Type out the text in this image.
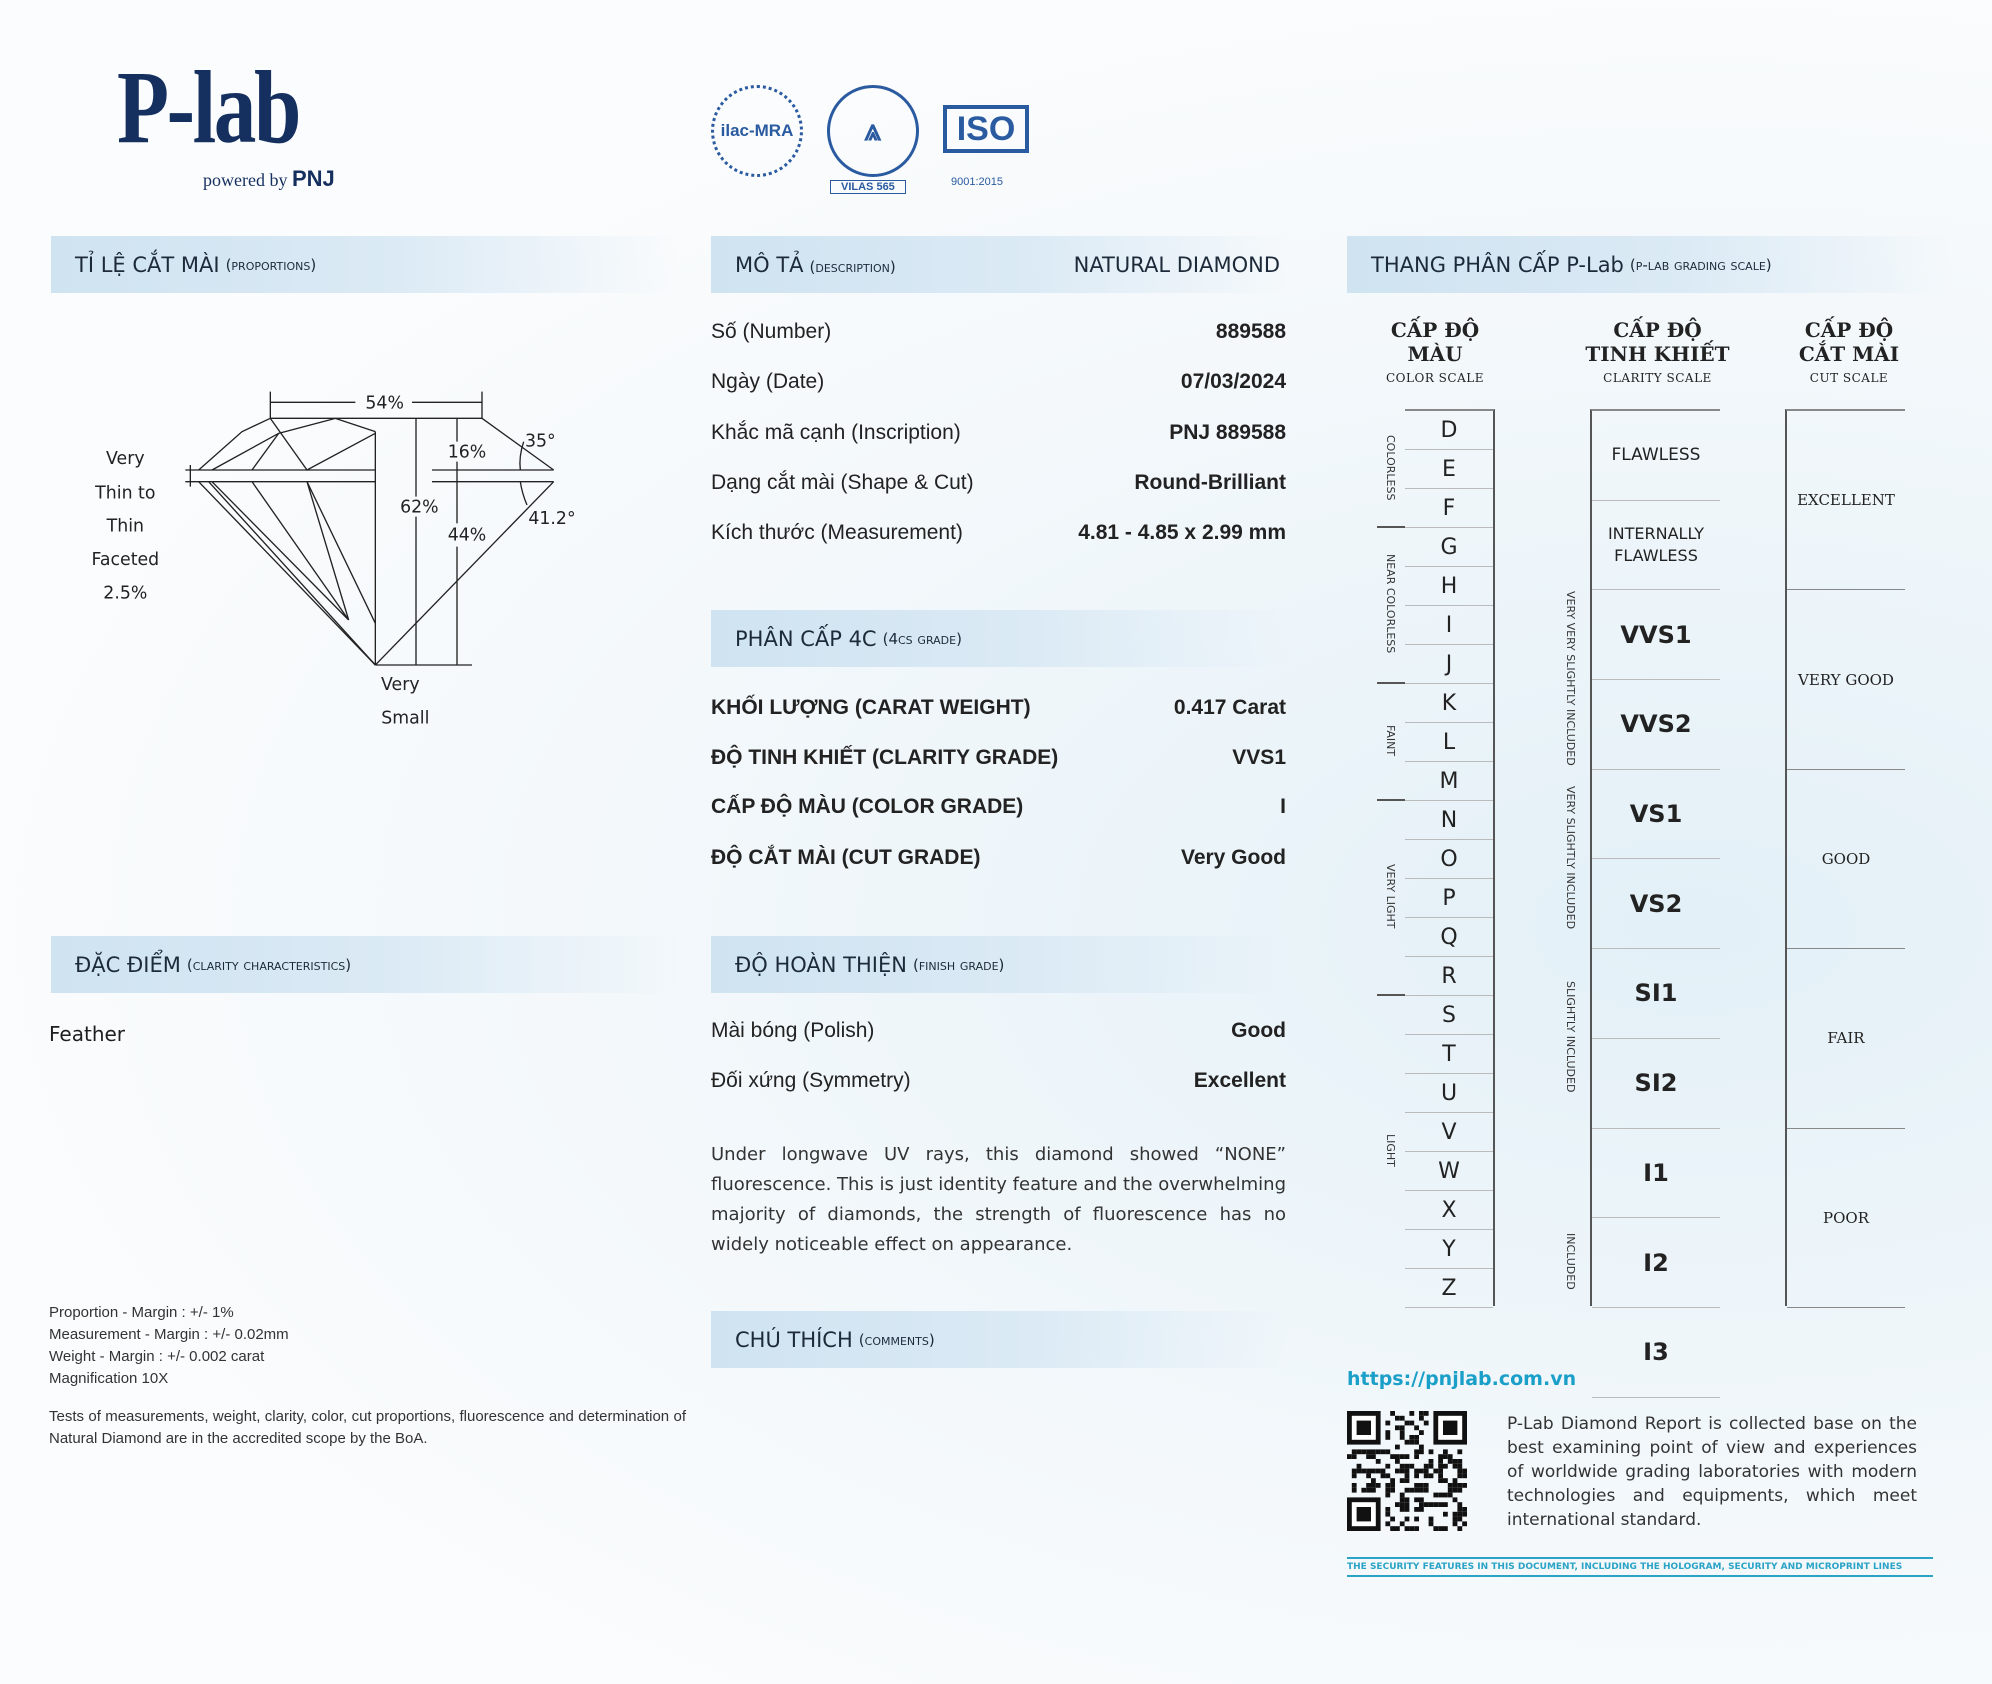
P-lab
powered by PNJ
ilac-MRA	⩓
VILAS 565
ISO
9001:2015
TỈ LỆ CẮT MÀI (proportions)
54%
16%
62%
44%
35°
41.2°
Very
Thin to
Thin
Faceted
2.5%
Very
Small
ĐẶC ĐIỂM (clarity characteristics)
Feather
Proportion - Margin : +/- 1%
Measurement - Margin : +/- 0.02mm
Weight - Margin : +/- 0.002 carat
Magnification 10X
Tests of measurements, weight, clarity, color, cut proportions, fluorescence and determination of Natural Diamond are in the accredited scope by the BoA.
MÔ TẢ (description)	NATURAL DIAMOND
Số (Number)	889588
Ngày (Date)	07/03/2024
Khắc mã cạnh (Inscription)	PNJ 889588
Dạng cắt mài (Shape & Cut)	Round-Brilliant
Kích thước (Measurement)	4.81 - 4.85 x 2.99 mm
PHÂN CẤP 4C (4cs grade)
KHỐI LƯỢNG (CARAT WEIGHT)	0.417 Carat
ĐỘ TINH KHIẾT (CLARITY GRADE)	VVS1
CẤP ĐỘ MÀU (COLOR GRADE)	I
ĐỘ CẮT MÀI (CUT GRADE)	Very Good
ĐỘ HOÀN THIỆN (finish grade)
Mài bóng (Polish)	Good
Đối xứng (Symmetry)	Excellent
Under longwave UV rays, this diamond showed “NONE” fluorescence. This is just identity feature and the overwhelming majority of diamonds, the strength of fluorescence has no widely noticeable effect on appearance.
CHÚ THÍCH (comments)
THANG PHÂN CẤP P-Lab (p-lab grading scale)
CẤP ĐỘ
MÀU
COLOR SCALE
CẤP ĐỘ
TINH KHIẾT
CLARITY SCALE
CẤP ĐỘ
CẮT MÀI
CUT SCALE
D
E
F
G
H
I
J
K
L
M
N
O
P
Q
R
S
T
U
V
W
X
Y
Z
COLORLESS
NEAR COLORLESS
FAINT
VERY LIGHT
LIGHT
FLAWLESS
INTERNALLY FLAWLESS
VVS1
VVS2
VS1
VS2
SI1
SI2
I1
I2
I3
VERY VERY SLIGHTLY INCLUDED
VERY SLIGHTLY INCLUDED
SLIGHTLY INCLUDED
INCLUDED
EXCELLENT
VERY GOOD
GOOD
FAIR
POOR
https://pnjlab.com.vn
P-Lab Diamond Report is collected base on the best examining point of view and experiences of worldwide grading laboratories with modern technologies and equipments, which meet international standard.
THE SECURITY FEATURES IN THIS DOCUMENT, INCLUDING THE HOLOGRAM, SECURITY AND MICROPRINT LINES
